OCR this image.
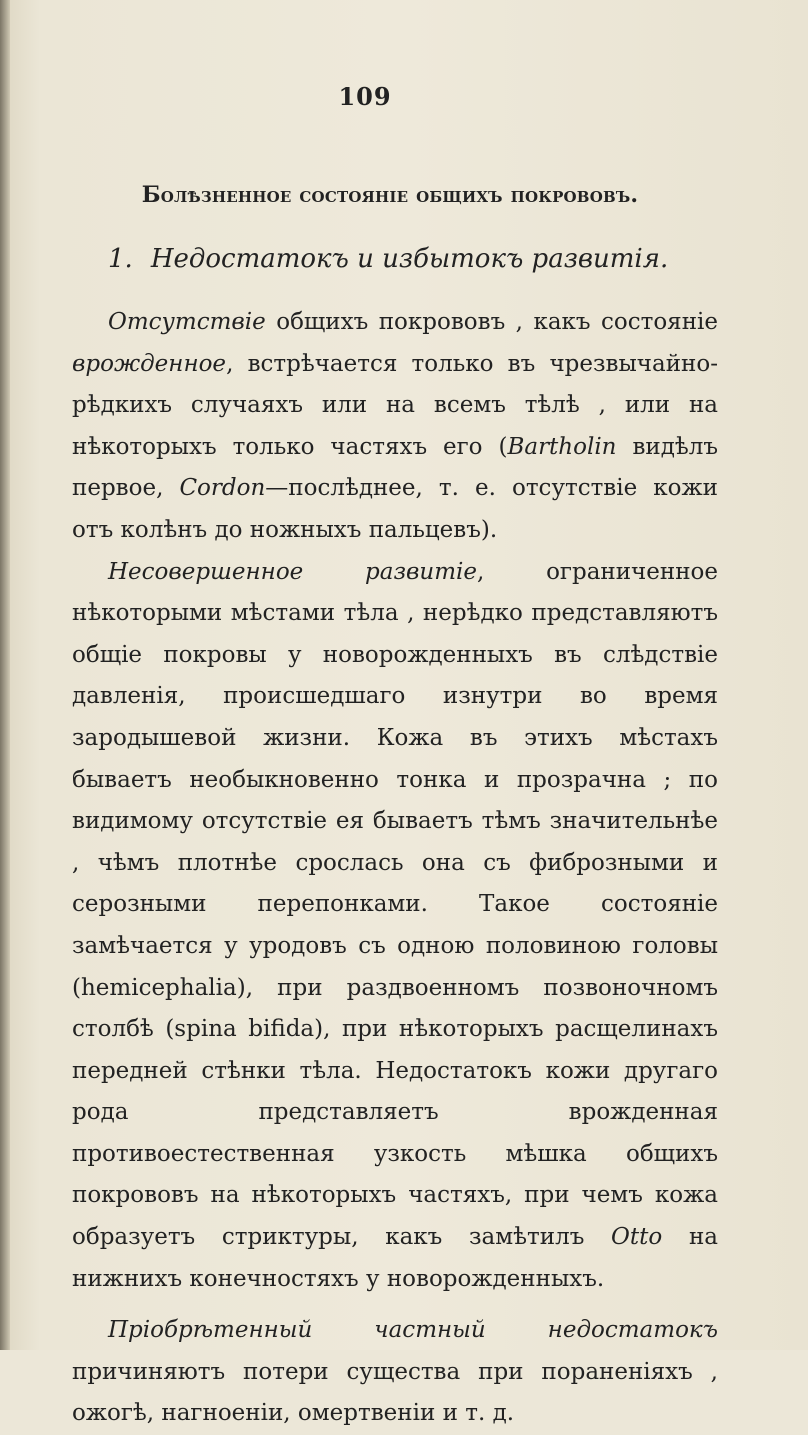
109
Болѣзненное состояніе общихъ покрововъ.
1. Недостатокъ и избытокъ развитія.

Отсутствіе общихъ покрововъ , какъ состояніе врожденное, встрѣчается только въ чрезвычайно-рѣдкихъ случаяхъ или на всемъ тѣлѣ , или на нѣкоторыхъ только частяхъ его (Bartholin видѣлъ первое, Cordon—послѣднее, т. е. отсутствіе кожи отъ колѣнъ до ножныхъ пальцевъ).

Несовершенное развитіе, ограниченное нѣкоторыми мѣстами тѣла , нерѣдко представляютъ общіе покровы у новорожденныхъ въ слѣдствіе давленія, происшедшаго изнутри во время зародышевой жизни. Кожа въ этихъ мѣстахъ бываетъ необыкновенно тонка и прозрачна ; по видимому отсутствіе ея бываетъ тѣмъ значительнѣе , чѣмъ плотнѣе срослась она съ фиброзными и серозными перепонками. Такое состояніе замѣчается у уродовъ съ одною половиною головы (hemicephalia), при раздвоенномъ позвоночномъ столбѣ (spina bifida), при нѣкоторыхъ расщелинахъ передней стѣнки тѣла. Недостатокъ кожи другаго рода представляетъ врожденная противоестественная узкость мѣшка общихъ покрововъ на нѣкоторыхъ частяхъ, при чемъ кожа образуетъ стриктуры, какъ замѣтилъ Otto на нижнихъ конечностяхъ у новорожденныхъ.

Пріобрѣтенный частный недостатокъ причиняютъ потери существа при пораненіяхъ , ожогѣ, нагноеніи, омертвеніи и т. д.
